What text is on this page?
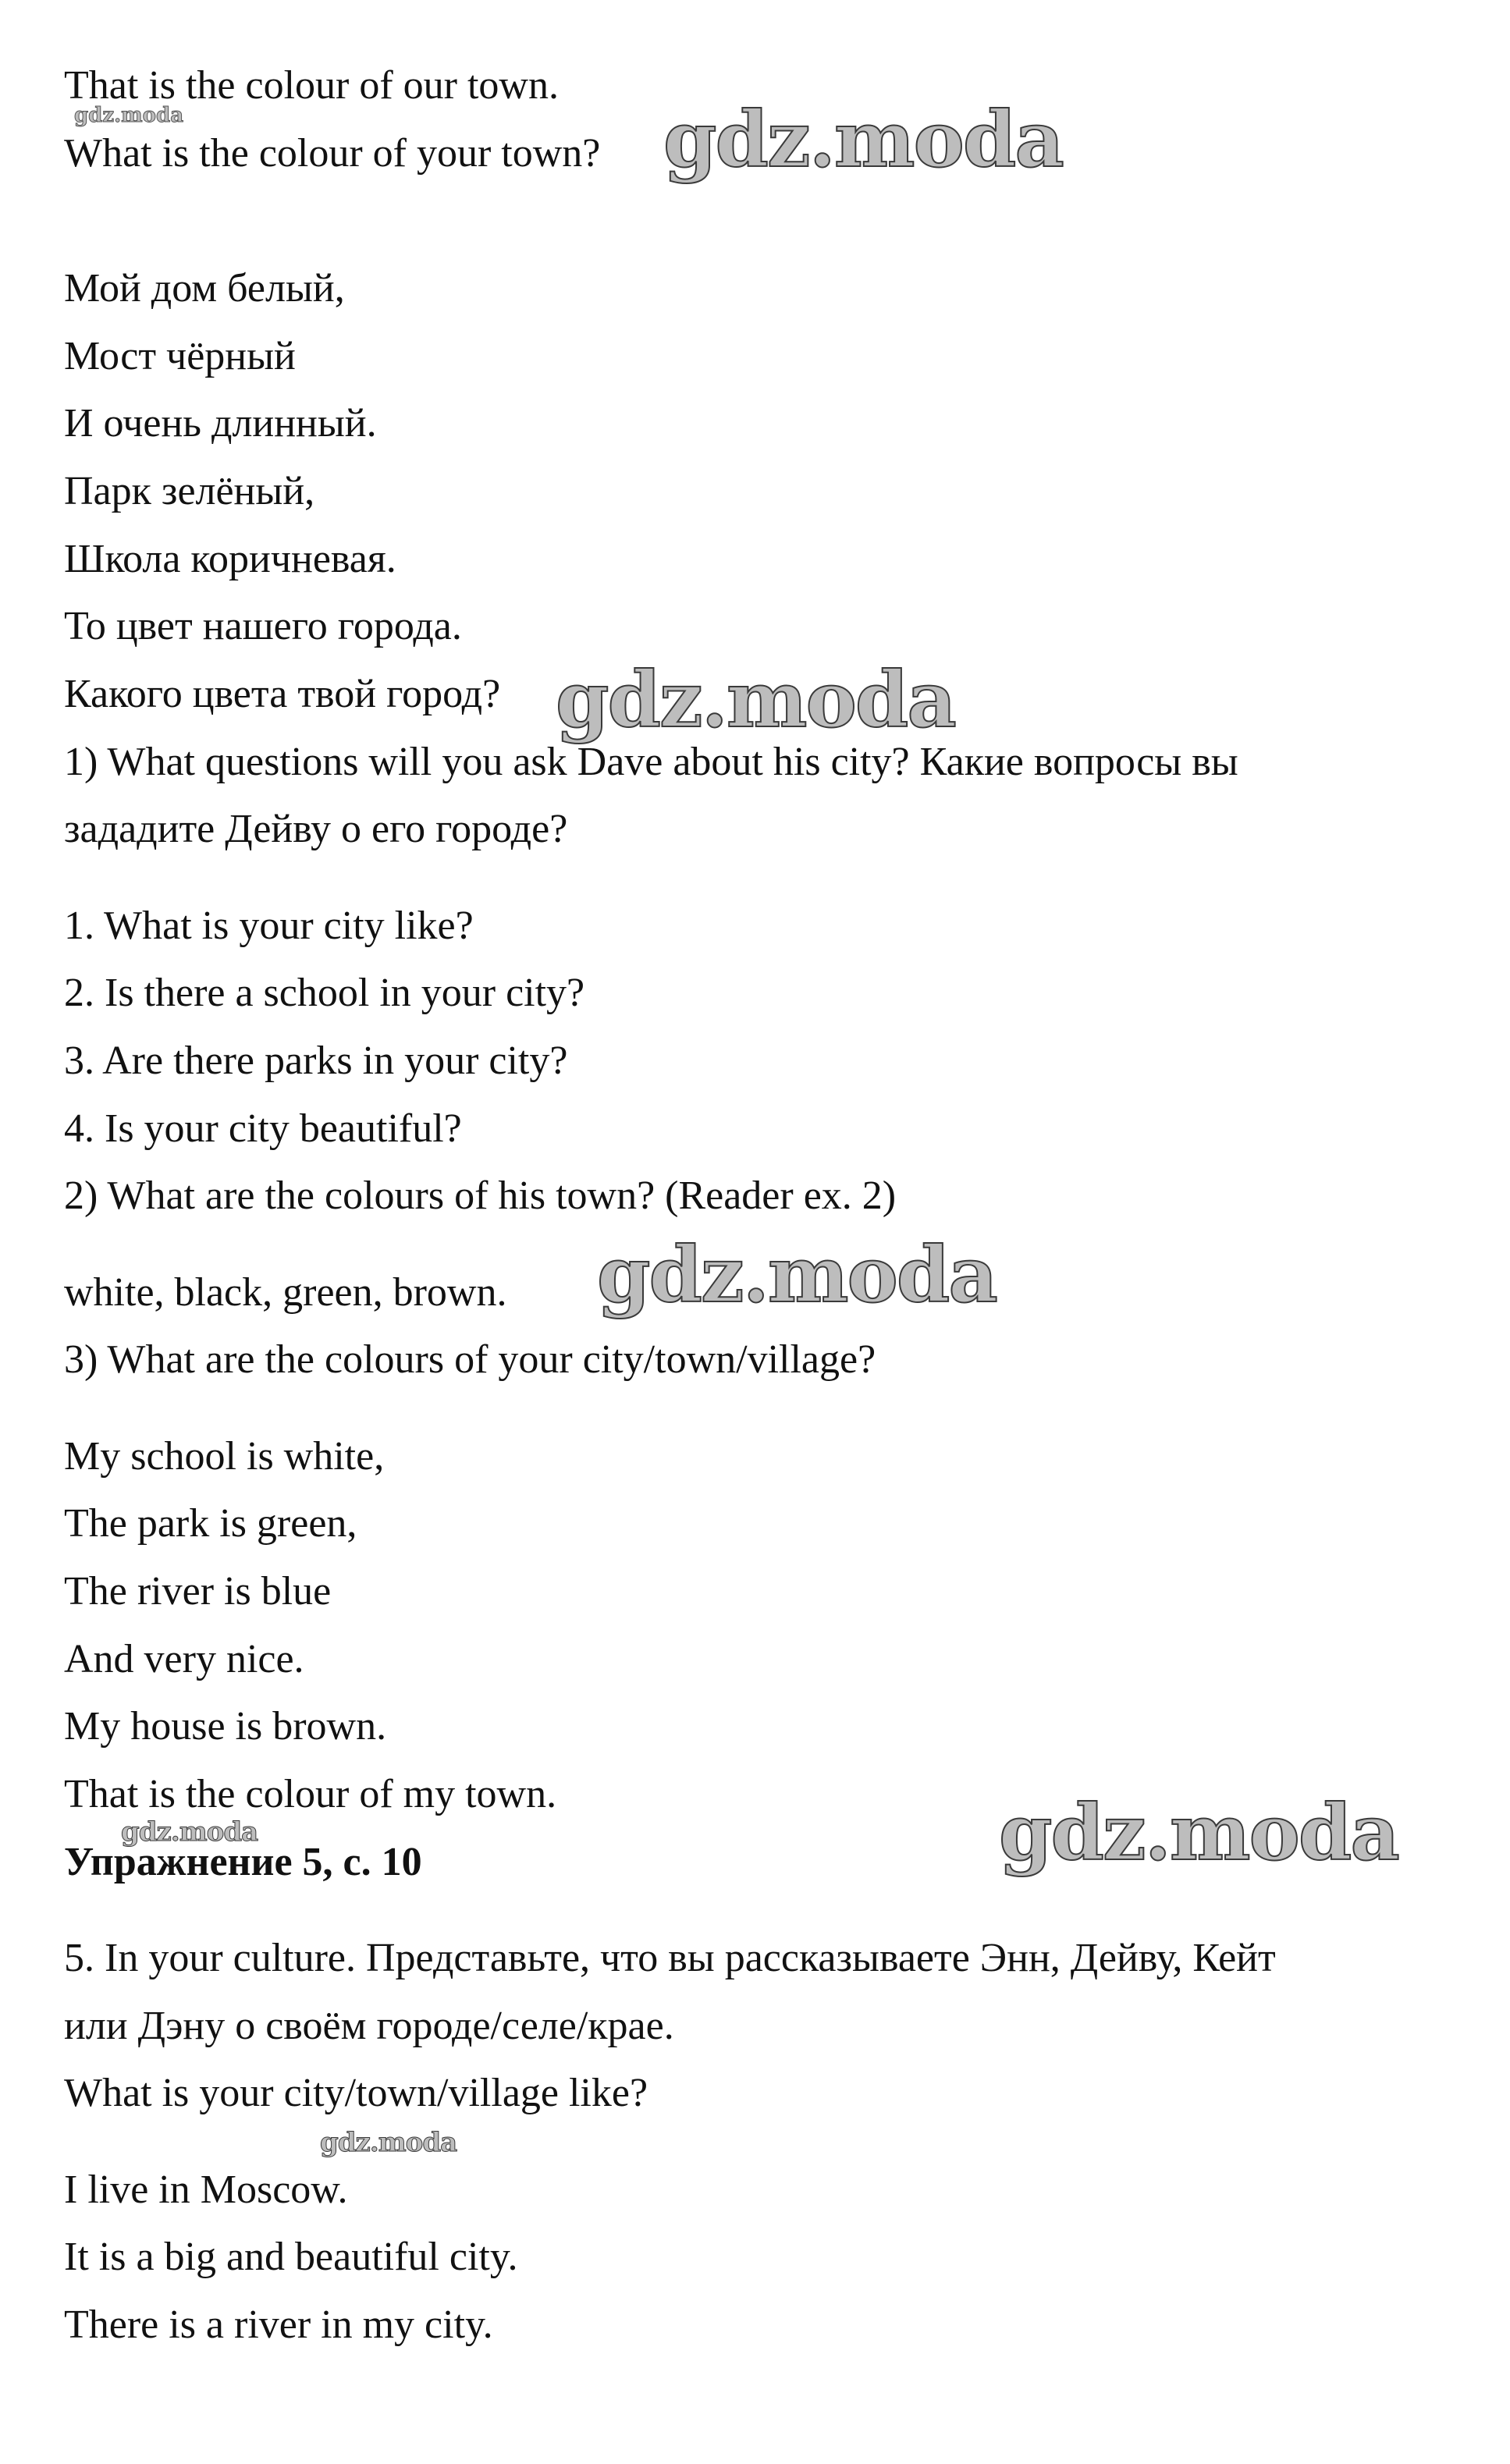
That is the colour of our town.
What is the colour of your town?
Мой дом белый,
Мост чёрный
И очень длинный.
Парк зелёный,
Школа коричневая.
То цвет нашего города.
Какого цвета твой город?
1) What questions will you ask Dave about his city? Какие вопросы вы
зададите Дейву о его городе?
1. What is your city like?
2. Is there a school in your city?
3. Are there parks in your city?
4. Is your city beautiful?
2) What are the colours of his town? (Reader ex. 2)
white, black, green, brown.
3) What are the colours of your city/town/village?
My school is white,
The park is green,
The river is blue
And very nice.
My house is brown.
That is the colour of my town.
Упражнение 5, с. 10
5. In your culture. Представьте, что вы рассказываете Энн, Дейву, Кейт
или Дэну о своём городе/селе/крае.
What is your city/town/village like?
I live in Moscow.
It is a big and beautiful city.
There is a river in my city.
gdz.moda	gdz.moda
gdz.moda
gdz.moda
gdz.moda	gdz.moda
gdz.moda
